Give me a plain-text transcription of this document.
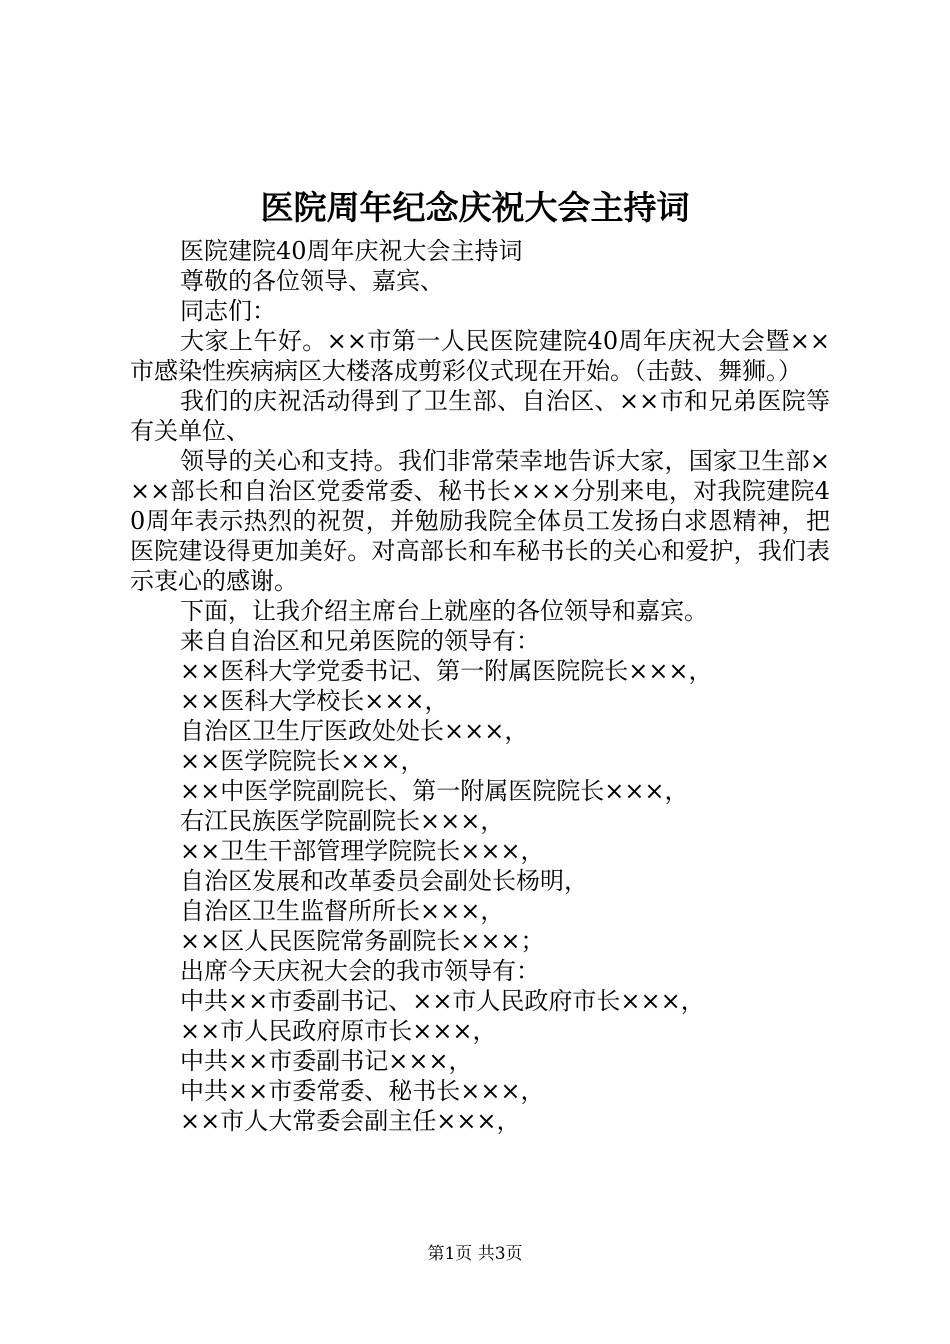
医院周年纪念庆祝大会主持词

医院建院40周年庆祝大会主持词

尊敬的各位领导、嘉宾、

同志们：

大家上午好。××市第一人民医院建院40周年庆祝大会暨××市感染性疾病病区大楼落成剪彩仪式现在开始。（击鼓、舞狮。）

我们的庆祝活动得到了卫生部、自治区、××市和兄弟医院等有关单位、

领导的关心和支持。我们非常荣幸地告诉大家，国家卫生部×××部长和自治区党委常委、秘书长×××分别来电，对我院建院40周年表示热烈的祝贺，并勉励我院全体员工发扬白求恩精神，把医院建设得更加美好。对高部长和车秘书长的关心和爱护，我们表示衷心的感谢。

下面，让我介绍主席台上就座的各位领导和嘉宾。

来自自治区和兄弟医院的领导有：

××医科大学党委书记、第一附属医院院长×××，

××医科大学校长×××，

自治区卫生厅医政处处长×××，

××医学院院长×××，

××中医学院副院长、第一附属医院院长×××，

右江民族医学院副院长×××，

××卫生干部管理学院院长×××，

自治区发展和改革委员会副处长杨明，

自治区卫生监督所所长×××，

××区人民医院常务副院长×××；

出席今天庆祝大会的我市领导有：

中共××市委副书记、××市人民政府市长×××，

××市人民政府原市长×××，

中共××市委副书记×××，

中共××市委常委、秘书长×××，

××市人大常委会副主任×××，

第1页 共3页
